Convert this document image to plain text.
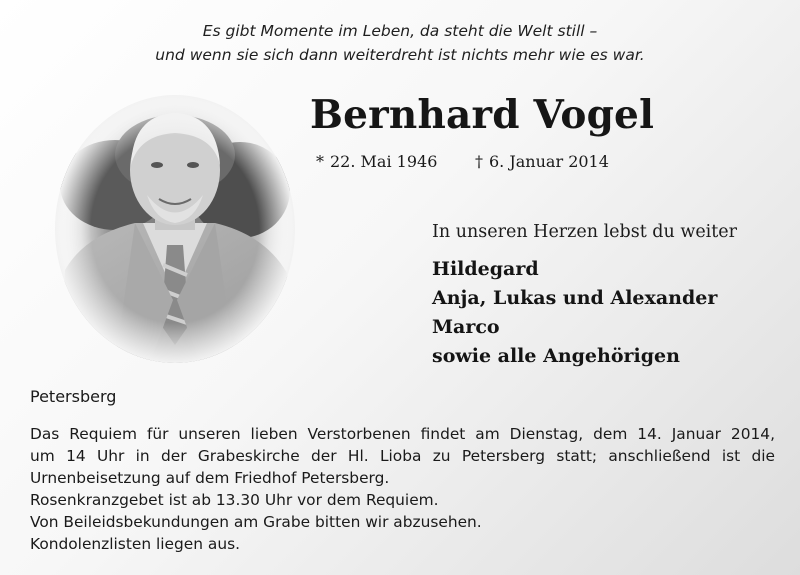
Es gibt Momente im Leben, da steht die Welt still –
und wenn sie sich dann weiterdreht ist nichts mehr wie es war.
Bernhard Vogel
* 22. Mai 1946 † 6. Januar 2014
In unseren Herzen lebst du weiter
Hildegard
Anja, Lukas und Alexander
Marco
sowie alle Angehörigen
Petersberg
Das Requiem für unseren lieben Verstorbenen findet am Dienstag, dem 14. Januar 2014,
um 14 Uhr in der Grabeskirche der Hl. Lioba zu Petersberg statt; anschließend ist die
Urnenbeisetzung auf dem Friedhof Petersberg.
Rosenkranzgebet ist ab 13.30 Uhr vor dem Requiem.
Von Beileidsbekundungen am Grabe bitten wir abzusehen.
Kondolenzlisten liegen aus.
